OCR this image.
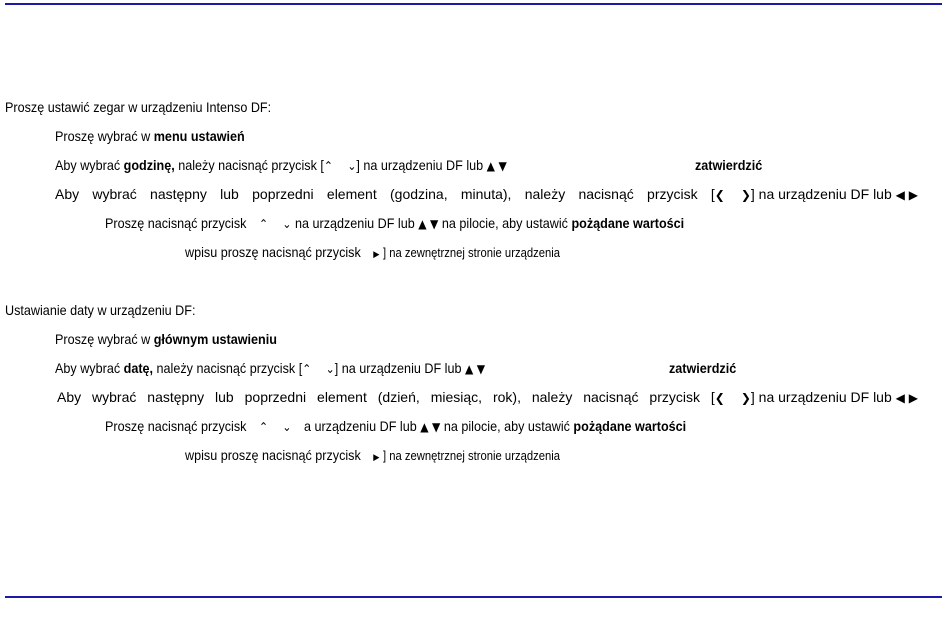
Proszę ustawić zegar w urządzeniu Intenso DF:
Proszę wybrać w menu ustawień
Aby wybrać godzinę, należy nacisnąć przycisk [⌃ ⌄] na urządzeniu DF lub ▲ ▼	zatwierdzić
Aby wybrać następny lub poprzedni element (godzina, minuta), należy nacisnąć przycisk [❮ ❯] na urządzeniu DF lub ◀ ▶
Proszę nacisnąć przycisk ⌃ ⌄ na urządzeniu DF lub ▲ ▼ na pilocie, aby ustawić pożądane wartości
wpisu proszę nacisnąć przycisk ▶ ] na zewnętrznej stronie urządzenia
Ustawianie daty w urządzeniu DF:
Proszę wybrać w głównym ustawieniu
Aby wybrać datę, należy nacisnąć przycisk [⌃ ⌄] na urządzeniu DF lub ▲ ▼	zatwierdzić
Aby wybrać następny lub poprzedni element (dzień, miesiąc, rok), należy nacisnąć przycisk [❮ ❯] na urządzeniu DF lub ◀ ▶
Proszę nacisnąć przycisk ⌃ ⌄ a urządzeniu DF lub ▲ ▼ na pilocie, aby ustawić pożądane wartości
wpisu proszę nacisnąć przycisk ▶ ] na zewnętrznej stronie urządzenia
